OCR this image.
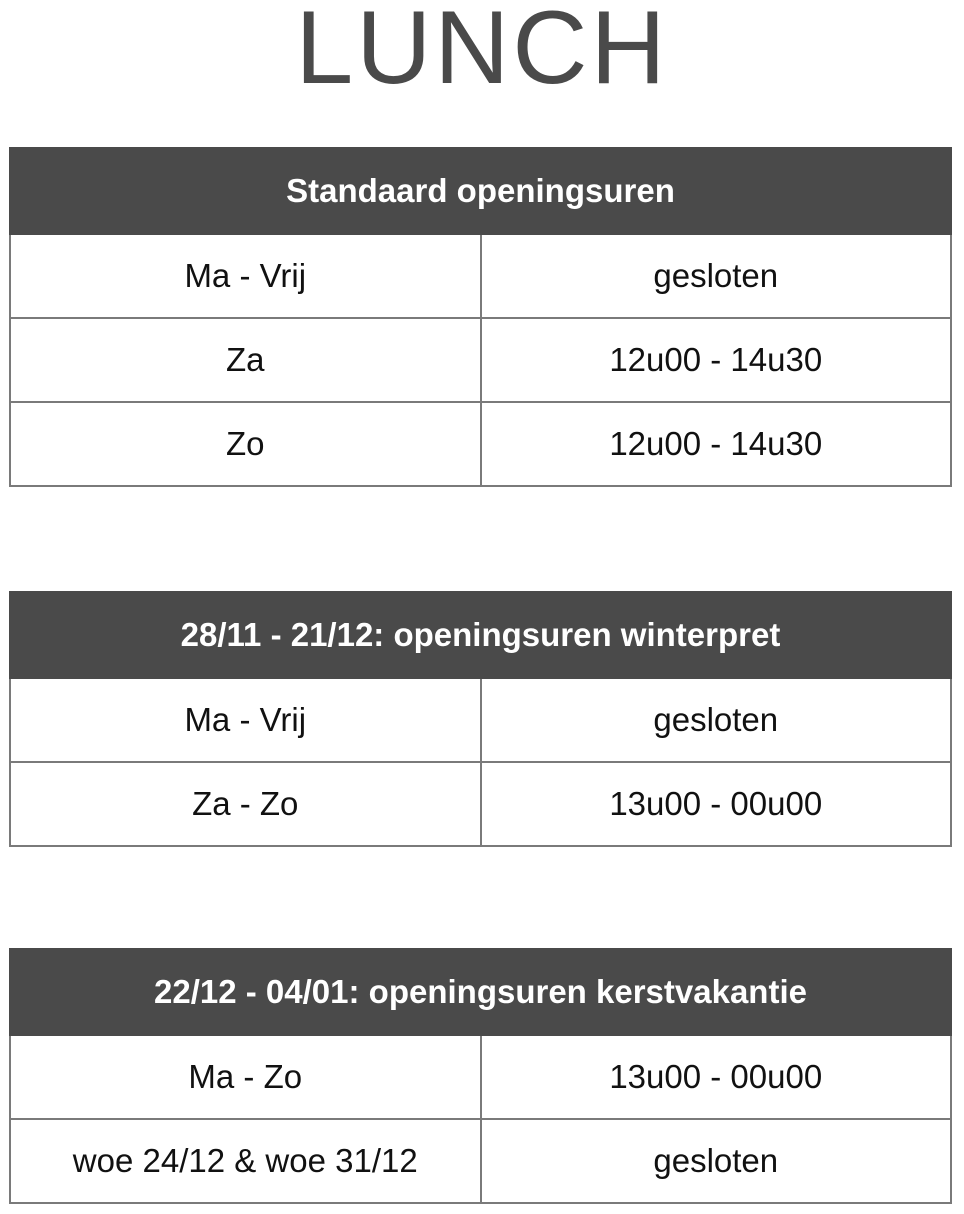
LUNCH
Standaard openingsuren	
Ma - Vrij	gesloten
Za	12u00 - 14u30
Zo	12u00 - 14u30
28/11 - 21/12: openingsuren winterpret	
Ma - Vrij	gesloten
Za - Zo	13u00 - 00u00
22/12 - 04/01: openingsuren kerstvakantie	
Ma - Zo	13u00 - 00u00
woe 24/12 & woe 31/12	gesloten
